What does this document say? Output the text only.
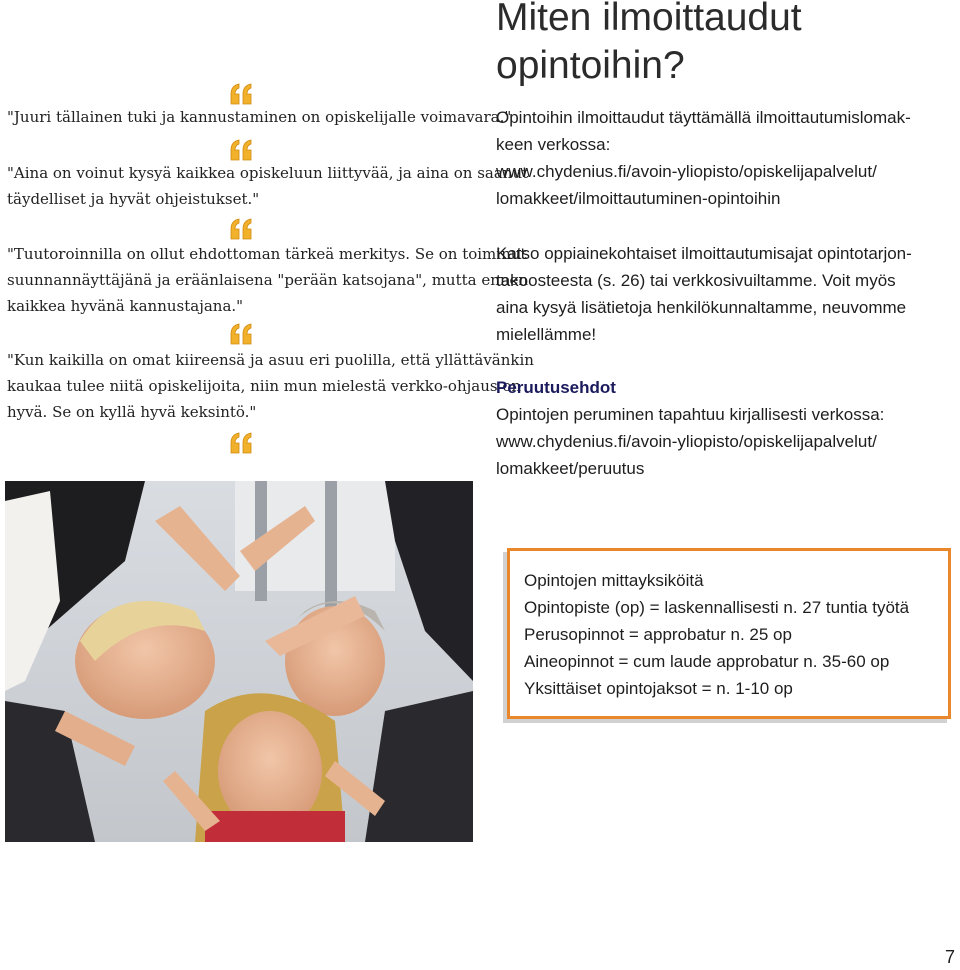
"Juuri tällainen tuki ja kannustaminen on opiskelijalle voimavara."
"Aina on voinut kysyä kaikkea opiskeluun liittyvää, ja aina on saanut
täydelliset ja hyvät ohjeistukset."
"Tuutoroinnilla on ollut ehdottoman tärkeä merkitys. Se on toiminut
suunnannäyttäjänä ja eräänlaisena "perään katsojana", mutta ennen
kaikkea hyvänä kannustajana."
"Kun kaikilla on omat kiireensä ja asuu eri puolilla, että yllättävänkin
kaukaa tulee niitä opiskelijoita, niin mun mielestä verkko-ohjaus on
hyvä. Se on kyllä hyvä keksintö."
Miten ilmoittaudut
opintoihin?
Opintoihin ilmoittaudut täyttämällä ilmoittautumislomak-
keen verkossa:
www.chydenius.fi/avoin-yliopisto/opiskelijapalvelut/
lomakkeet/ilmoittautuminen-opintoihin
Katso oppiainekohtaiset ilmoittautumisajat opintotarjon-
takoosteesta (s. 26) tai verkkosivuiltamme. Voit myös
aina kysyä lisätietoja henkilökunnaltamme, neuvomme
mielellämme!
Peruutusehdot
Opintojen peruminen tapahtuu kirjallisesti verkossa:
www.chydenius.fi/avoin-yliopisto/opiskelijapalvelut/
lomakkeet/peruutus
Opintojen mittayksiköitä
Opintopiste (op) = laskennallisesti n. 27 tuntia työtä
Perusopinnot = approbatur n. 25 op
Aineopinnot = cum laude approbatur n. 35-60 op
Yksittäiset opintojaksot = n. 1-10 op
7
